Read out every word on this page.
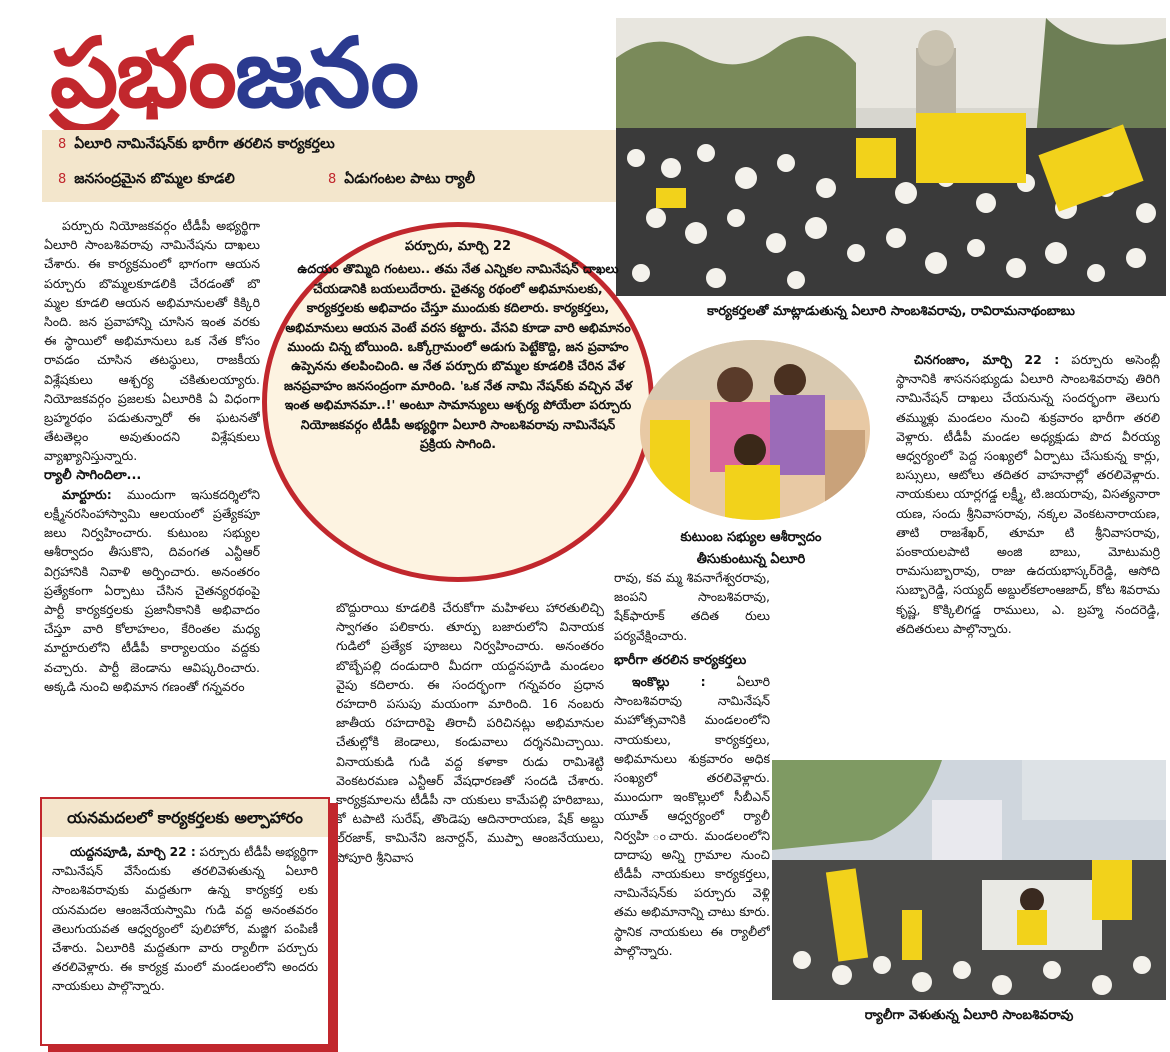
ప్రభం జనం
8 ఏలూరి నామినేషన్‌కు భారీగా తరలిన కార్యకర్తలు
8 జనసంద్రమైన బొమ్మల కూడలి	8 ఏడుగంటల పాటు ర్యాలీ
కార్యకర్తలతో మాట్లాడుతున్న ఏలూరి సాంబశివరావు, రావిరామనాథంబాబు

పర్చూరు నియోజకవర్గం టీడీపీ అభ్యర్థిగా ఏలూరి సాంబశివరావు నామినేషను దాఖలు చేశారు. ఈ కార్యక్రమంలో భాగంగా ఆయన పర్చూరు బొమ్మలకూడలికి చేరడంతో బొ మ్మల కూడలి ఆయన అభిమానులతో కిక్కిరి సింది. జన ప్రవాహాన్ని చూసిన ఇంత వరకు ఈ స్థాయిలో అభిమానులు ఒక నేత కోసం రావడం చూసిన తటస్థులు, రాజకీయ విశ్లేషకులు ఆశ్చర్య చకితులయ్యారు. నియోజకవర్గం ప్రజలకు ఏలూరికి ఏ విధంగా బ్రహ్మరథం పడుతున్నారో ఈ ఘటనతో తేటతెల్లం అవుతుందని విశ్లేషకులు వ్యాఖ్యానిస్తున్నారు.

ర్యాలీ సాగిందిలా...

మార్టూరు: ముందుగా ఇసుకదర్శిలోని లక్ష్మీనరసింహాస్వామి ఆలయంలో ప్రత్యేకపూ జలు నిర్వహించారు. కుటుంబ సభ్యుల ఆశీర్వాదం తీసుకొని, దివంగత ఎన్టీఆర్ విగ్రహానికి నివాళి అర్పించారు. అనంతరం ప్రత్యేకంగా ఏర్పాటు చేసిన చైతన్యరథంపై పార్టీ కార్యకర్తలకు ప్రజానీకానికి అభివాదం చేస్తూ వారి కోలాహలం, కేరింతల మధ్య మార్టూరులోని టీడీపీ కార్యాలయం వద్దకు వచ్చారు. పార్టీ జెండాను ఆవిష్కరించారు. అక్కడి నుంచి అభిమాన గణంతో గన్నవరం

పర్చూరు, మార్చి 22
ఉదయం తొమ్మిది గంటలు.. తమ నేత ఎన్నికల నామినేషన్ దాఖలు చేయడానికి బయలుదేరారు. చైతన్య రథంలో అభిమానులకు, కార్యకర్తలకు అభివాదం చేస్తూ ముందుకు కదిలారు. కార్యకర్తలు, అభిమానులు ఆయన వెంటే వరస కట్టారు. వేసవి కూడా వారి అభిమానం ముందు చిన్న బోయింది. ఒక్కోగ్రామంలో అడుగు పెట్టేకొద్ది, జన ప్రవాహం ఉప్పెనను తలపించింది. ఆ నేత పర్చూరు బొమ్మల కూడలికి చేరిన వేళ జనప్రవాహం జనసంద్రంగా మారింది. 'ఒక నేత నామి నేషన్‌కు వచ్చిన వేళ ఇంత అభిమానమా..!' అంటూ సామాన్యులు ఆశ్చర్య పోయేలా పర్చూరు నియోజకవర్గం టీడీపీ అభ్యర్థిగా ఏలూరి సాంబశివరావు నామినేషన్ ప్రక్రియ సాగింది.
కుటుంబ సభ్యుల ఆశీర్వాదం
తీసుకుంటున్న ఏలూరి

బొద్దురాయి కూడలికి చేరుకోగా మహిళలు హారతులిచ్చి స్వాగతం పలికారు. తూర్పు బజారులోని వినాయక గుడిలో ప్రత్యేక పూజలు నిర్వహించారు. అనంతరం బొబ్బేపల్లి దండుదారి మీదగా యద్దనపూడి మండలం వైపు కదిలారు. ఈ సందర్భంగా గన్నవరం ప్రధాన రహదారి పసుపు మయంగా మారింది. 16 నంబరు జాతీయ రహదారిపై తిరాచీ పరిచినట్లు అభిమానుల చేతుల్లోకి జెండాలు, కండువాలు దర్శనమిచ్చాయి. వినాయకుడి గుడి వద్ద కళాకా రుడు రామిశెట్టి వెంకటరమణ ఎన్టీఆర్ వేషధారణతో సందడి చేశారు. కార్యక్రమాలను టీడీపీ నా యకులు కామేపల్లి హరిబాబు, కో టపాటి సురేష్, తొండెపు ఆదినారాయణ, షేక్ అబ్దు ల్‌రజాక్, కామినేని జనార్దన్, ముప్పా ఆంజనేయులు, పోపూరి శ్రీనివాస

రావు, కవ మ్మ శివనాగేశ్వరరావు, జంపని సాంబశివరావు, షేక్‌ఫారూక్ తదిత రులు పర్యవేక్షించారు.

భారీగా తరలిన కార్యకర్తలు

ఇంకొల్లు : ఏలూరి సాంబశివరావు నామినేషన్ మహోత్సవానికి మండలంలోని నాయకులు, కార్యకర్తలు, అభిమానులు శుక్రవారం అధిక సంఖ్యలో తరలివెళ్లారు. ముందుగా ఇంకొల్లులో సీబీఎన్ యూత్ ఆధ్వర్యంలో ర్యాలీ నిర్వహి ంచారు. మండలంలోని దాదాపు అన్ని గ్రామాల నుంచి టీడీపీ నాయకులు కార్యకర్తలు, నామినేషన్‌కు పర్చూరు వెళ్లి తమ అభిమానాన్ని చాటు కూరు. స్థానిక నాయకులు ఈ ర్యాలీలో పాల్గొన్నారు.

చినగంజాం, మార్చి 22 : పర్చూరు అసెంబ్లీ స్థానానికి శాసనసభ్యుడు ఏలూరి సాంబశివరావు తిరిగి నామినేషన్ దాఖలు చేయనున్న సందర్భంగా తెలుగు తమ్ముళ్లు మండలం నుంచి శుక్రవారం భారీగా తరలి వెళ్లారు. టీడీపీ మండల అధ్యక్షుడు పొద వీరయ్య ఆధ్వర్యంలో పెద్ద సంఖ్యలో ఏర్పాటు చేసుకున్న కార్లు, బస్సులు, ఆటోలు తదితర వాహనాల్లో తరలివెళ్లారు. నాయకులు యార్లగడ్డ లక్ష్మీ, టి.జయరావు, విసత్యనారా యణ, సందు శ్రీనివాసరావు, నక్కల వెంకటనారాయణ, తాటి రాజశేఖర్, తూమా టి శ్రీనివాసరావు, పంకాయలపాటి అంజి బాబు, మోటుమర్రి రామసుబ్బారావు, రాజు ఉదయభాస్కర్‌రెడ్డి, ఆసోది సుబ్బారెడ్డి, సయ్యద్ అబ్దుల్‌కలాంఆజాద్, కోట శివరామ కృష్ణ, కొక్కిలిగడ్డ రాములు, ఎ. బ్రహ్మ నందరెడ్డి, తదితరులు పాల్గొన్నారు.

ర్యాలీగా వెళుతున్న ఏలూరి సాంబశివరావు
యనమదలలో కార్యకర్తలకు అల్పాహారం
యద్దనపూడి, మార్చి 22 : పర్చూరు టీడీపీ అభ్యర్థిగా నామినేషన్ వేసేందుకు తరలివెళుతున్న ఏలూరి సాంబశివరావుకు మద్దతుగా ఉన్న కార్యకర్త లకు యనమదల ఆంజనేయస్వామి గుడి వద్ద అనంతవరం తెలుగుయవత ఆధ్వర్యంలో పులిహోర, మజ్జిగ పంపిణీ చేశారు. ఏలూరికి మద్దతుగా వారు ర్యాలీగా పర్చూరు తరలివెళ్లారు. ఈ కార్యక్ర మంలో మండలంలోని అందరు నాయకులు పాల్గొన్నారు.
